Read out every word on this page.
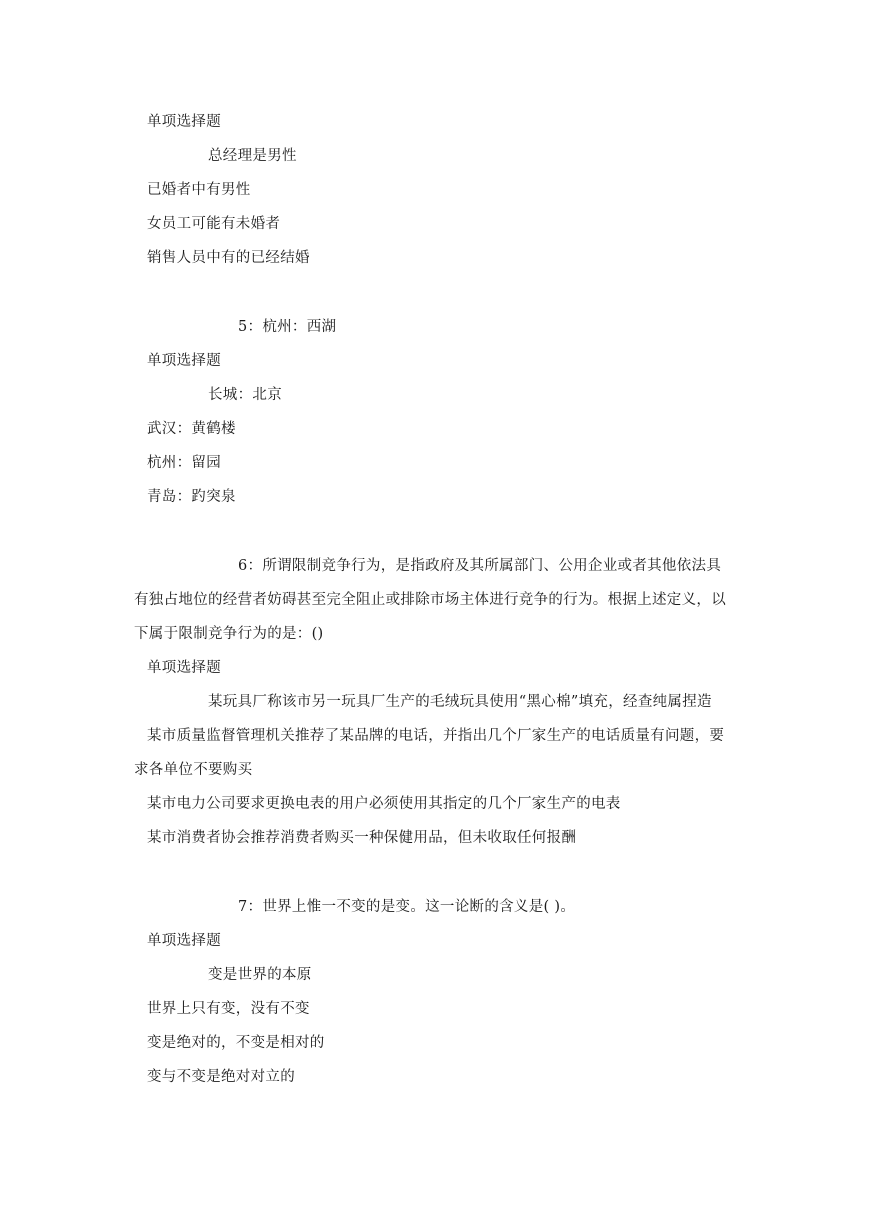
单项选择题
总经理是男性
已婚者中有男性
女员工可能有未婚者
销售人员中有的已经结婚
5：杭州：西湖
单项选择题
长城：北京
武汉：黄鹤楼
杭州：留园
青岛：趵突泉
6：所谓限制竞争行为，是指政府及其所属部门、公用企业或者其他依法具
有独占地位的经营者妨碍甚至完全阻止或排除市场主体进行竞争的行为。根据上述定义，以
下属于限制竞争行为的是：()
单项选择题
某玩具厂称该市另一玩具厂生产的毛绒玩具使用“黑心棉”填充，经查纯属捏造
某市质量监督管理机关推荐了某品牌的电话，并指出几个厂家生产的电话质量有问题，要
求各单位不要购买
某市电力公司要求更换电表的用户必须使用其指定的几个厂家生产的电表
某市消费者协会推荐消费者购买一种保健用品，但未收取任何报酬
7：世界上惟一不变的是变。这一论断的含义是( )。
单项选择题
变是世界的本原
世界上只有变，没有不变
变是绝对的，不变是相对的
变与不变是绝对对立的
